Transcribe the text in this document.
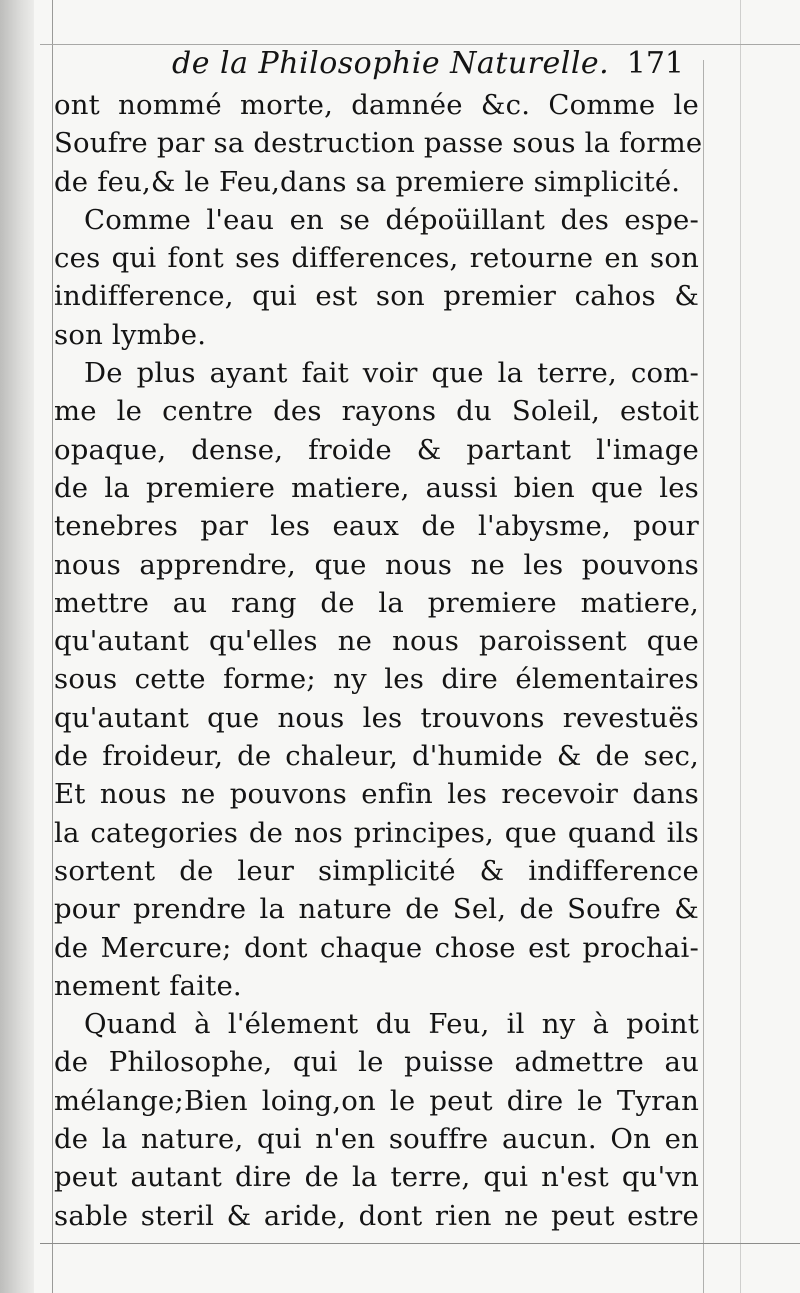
de la Philosophie Naturelle. 171
ont nommé morte, damnée &c. Comme le
Soufre par sa destruction passe sous la forme
de feu,& le Feu,dans sa premiere simplicité.
Comme l'eau en se dépoüillant des espe-
ces qui font ses differences, retourne en son
indifference, qui est son premier cahos &
son lymbe.
De plus ayant fait voir que la terre, com-
me le centre des rayons du Soleil, estoit
opaque, dense, froide & partant l'image
de la premiere matiere, aussi bien que les
tenebres par les eaux de l'abysme, pour
nous apprendre, que nous ne les pouvons
mettre au rang de la premiere matiere,
qu'autant qu'elles ne nous paroissent que
sous cette forme; ny les dire élementaires
qu'autant que nous les trouvons revestuës
de froideur, de chaleur, d'humide & de sec,
Et nous ne pouvons enfin les recevoir dans
la categories de nos principes, que quand ils
sortent de leur simplicité & indifference
pour prendre la nature de Sel, de Soufre &
de Mercure; dont chaque chose est prochai-
nement faite.
Quand à l'élement du Feu, il ny à point
de Philosophe, qui le puisse admettre au
mélange;Bien loing,on le peut dire le Tyran
de la nature, qui n'en souffre aucun. On en
peut autant dire de la terre, qui n'est qu'vn
sable steril & aride, dont rien ne peut estre
